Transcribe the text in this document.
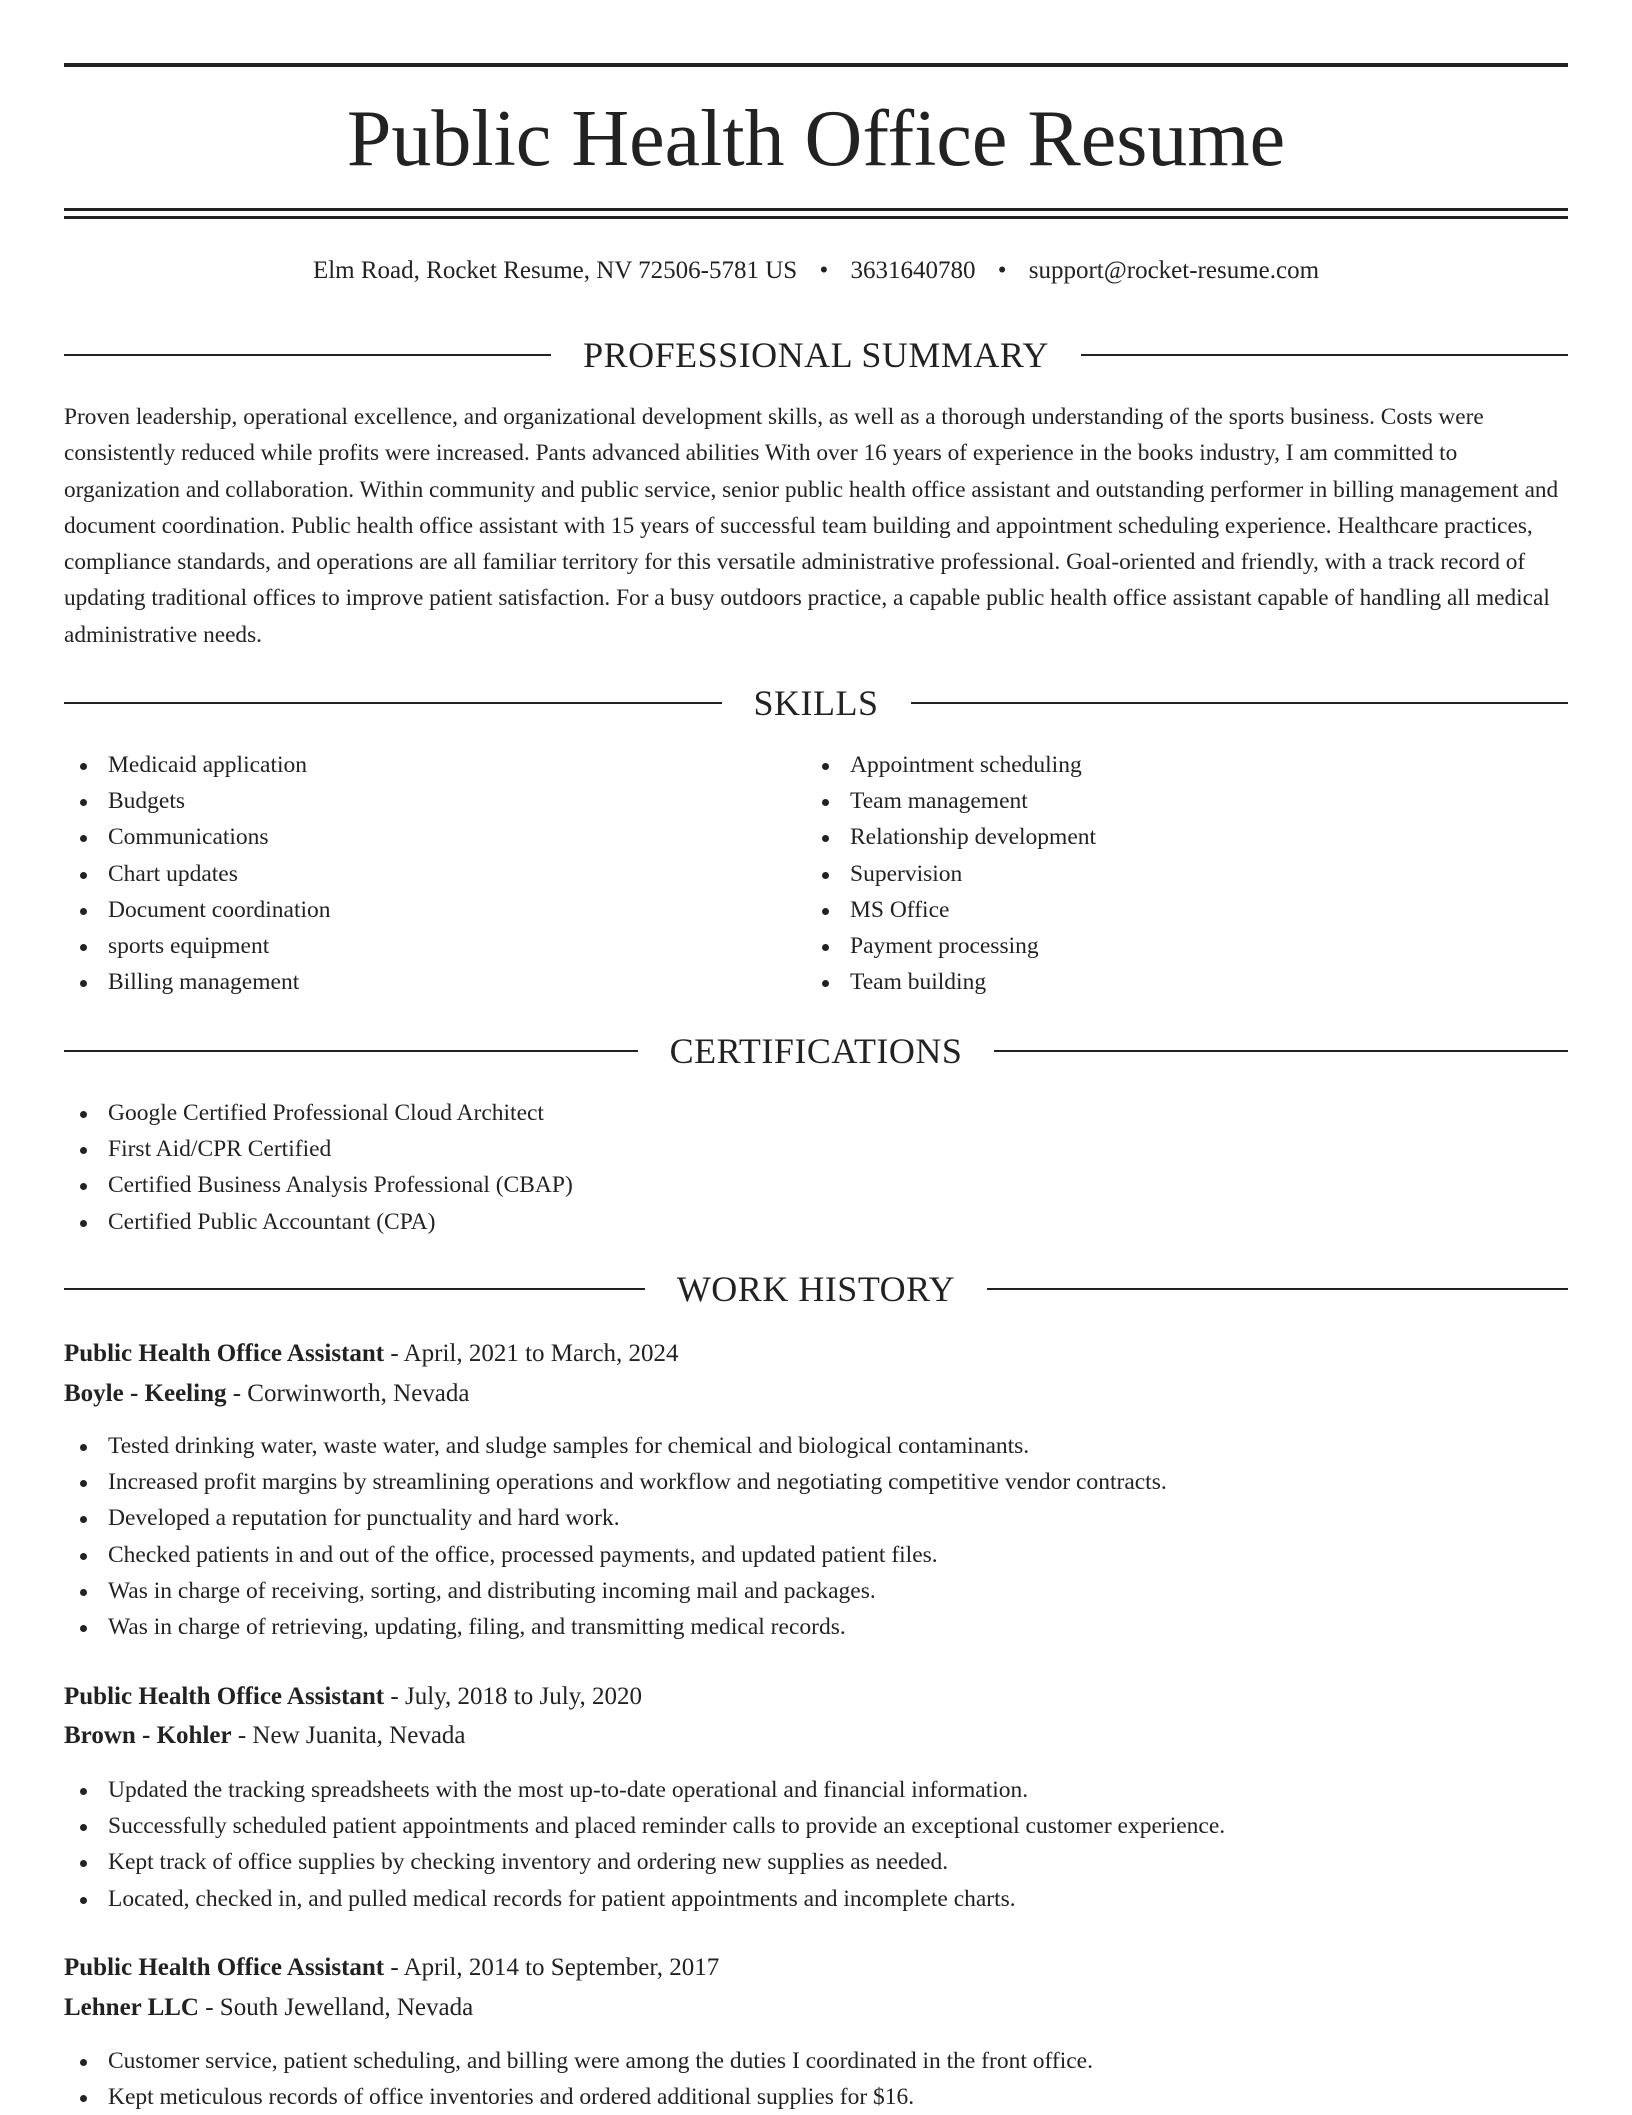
Public Health Office Resume
Elm Road, Rocket Resume, NV 72506-5781 US • 3631640780 • support@rocket-resume.com
PROFESSIONAL SUMMARY

Proven leadership, operational excellence, and organizational development skills, as well as a thorough understanding of the sports business. Costs were consistently reduced while profits were increased. Pants advanced abilities With over 16 years of experience in the books industry, I am committed to organization and collaboration. Within community and public service, senior public health office assistant and outstanding performer in billing management and document coordination. Public health office assistant with 15 years of successful team building and appointment scheduling experience. Healthcare practices, compliance standards, and operations are all familiar territory for this versatile administrative professional. Goal-oriented and friendly, with a track record of updating traditional offices to improve patient satisfaction. For a busy outdoors practice, a capable public health office assistant capable of handling all medical administrative needs.

SKILLS
Medicaid application
Budgets
Communications
Chart updates
Document coordination
sports equipment
Billing management
Appointment scheduling
Team management
Relationship development
Supervision
MS Office
Payment processing
Team building
CERTIFICATIONS
Google Certified Professional Cloud Architect
First Aid/CPR Certified
Certified Business Analysis Professional (CBAP)
Certified Public Accountant (CPA)
WORK HISTORY
Public Health Office Assistant - April, 2021 to March, 2024
Boyle - Keeling - Corwinworth, Nevada
Tested drinking water, waste water, and sludge samples for chemical and biological contaminants.
Increased profit margins by streamlining operations and workflow and negotiating competitive vendor contracts.
Developed a reputation for punctuality and hard work.
Checked patients in and out of the office, processed payments, and updated patient files.
Was in charge of receiving, sorting, and distributing incoming mail and packages.
Was in charge of retrieving, updating, filing, and transmitting medical records.
Public Health Office Assistant - July, 2018 to July, 2020
Brown - Kohler - New Juanita, Nevada
Updated the tracking spreadsheets with the most up-to-date operational and financial information.
Successfully scheduled patient appointments and placed reminder calls to provide an exceptional customer experience.
Kept track of office supplies by checking inventory and ordering new supplies as needed.
Located, checked in, and pulled medical records for patient appointments and incomplete charts.
Public Health Office Assistant - April, 2014 to September, 2017
Lehner LLC - South Jewelland, Nevada
Customer service, patient scheduling, and billing were among the duties I coordinated in the front office.
Kept meticulous records of office inventories and ordered additional supplies for $16.
